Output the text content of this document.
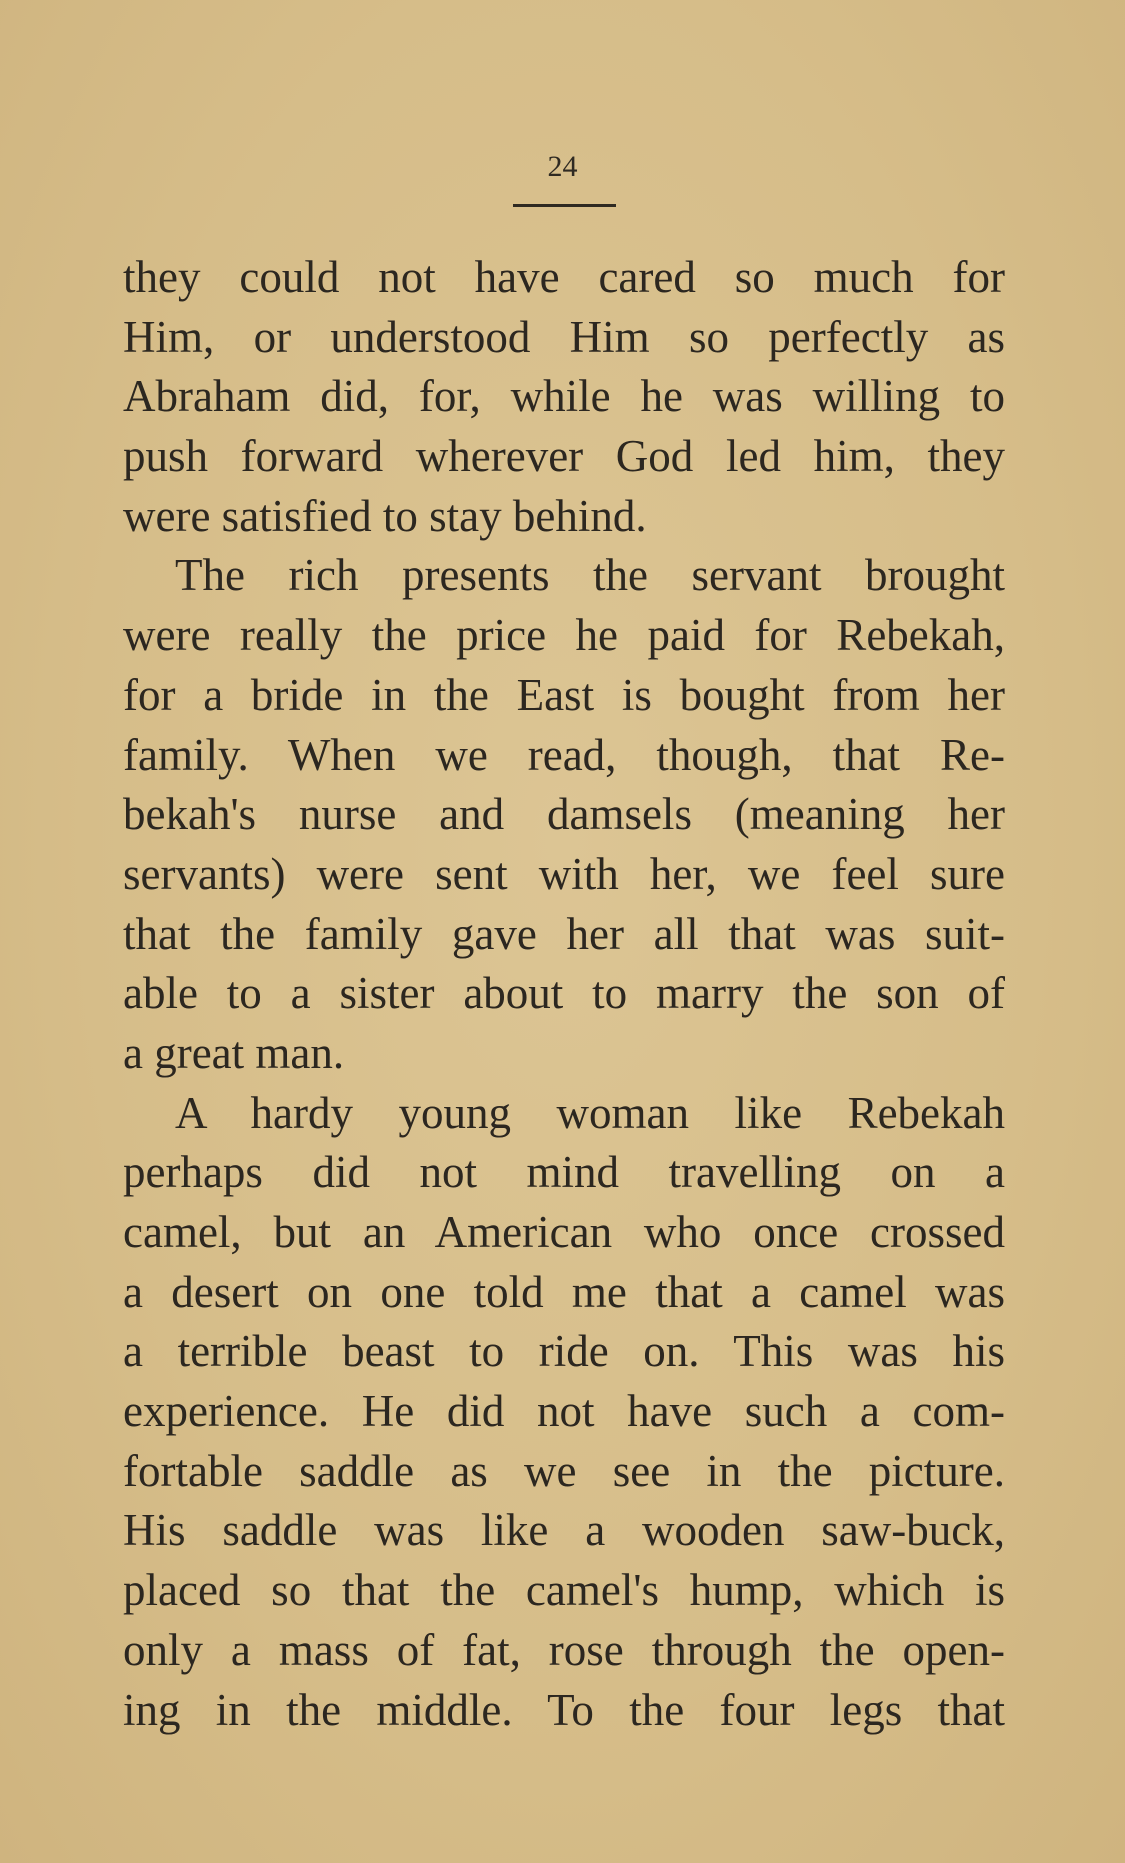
24
they could not have cared so much for
Him, or understood Him so perfectly as
Abraham did, for, while he was willing to
push forward wherever God led him, they
were satisfied to stay behind.
The rich presents the servant brought
were really the price he paid for Rebekah,
for a bride in the East is bought from her
family. When we read, though, that Re-
bekah's nurse and damsels (meaning her
servants) were sent with her, we feel sure
that the family gave her all that was suit-
able to a sister about to marry the son of
a great man.
A hardy young woman like Rebekah
perhaps did not mind travelling on a
camel, but an American who once crossed
a desert on one told me that a camel was
a terrible beast to ride on. This was his
experience. He did not have such a com-
fortable saddle as we see in the picture.
His saddle was like a wooden saw-buck,
placed so that the camel's hump, which is
only a mass of fat, rose through the open-
ing in the middle. To the four legs that
